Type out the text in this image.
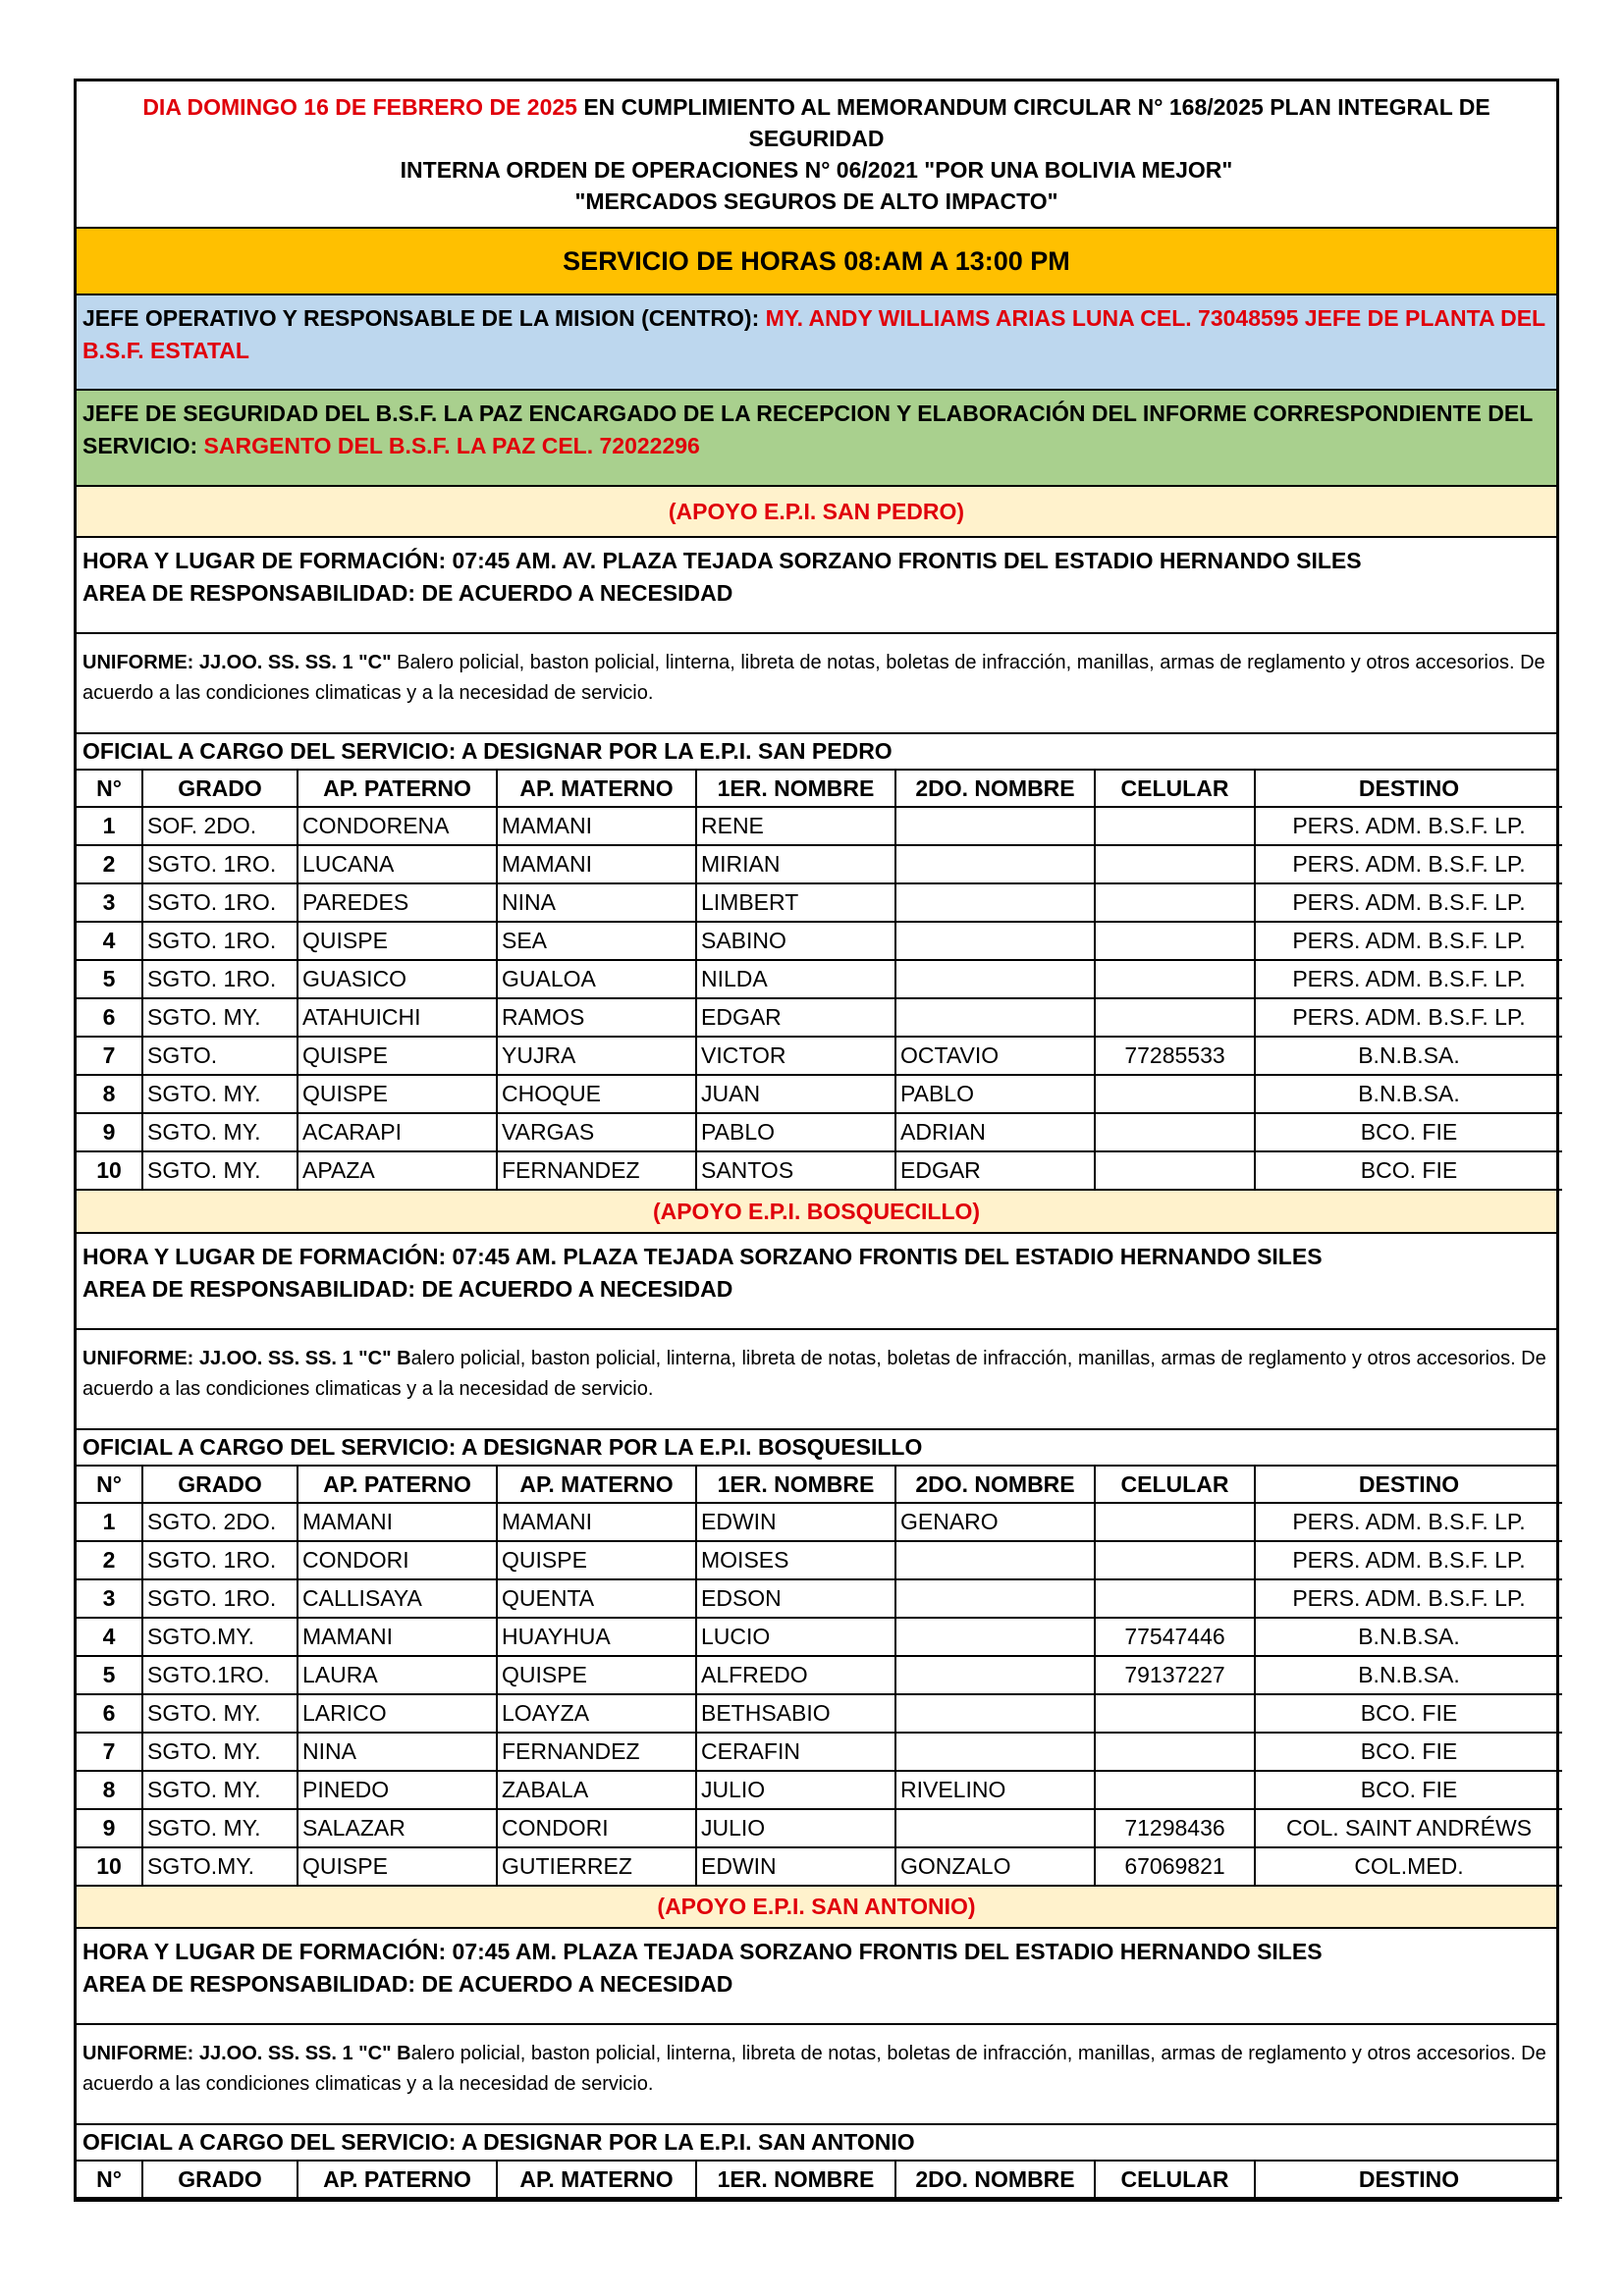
DIA DOMINGO 16 DE FEBRERO DE 2025 EN CUMPLIMIENTO AL MEMORANDUM CIRCULAR N° 168/2025 PLAN INTEGRAL DE SEGURIDAD
INTERNA ORDEN DE OPERACIONES N° 06/2021 "POR UNA BOLIVIA MEJOR"
"MERCADOS SEGUROS DE ALTO IMPACTO"
SERVICIO DE HORAS 08:AM A 13:00 PM
JEFE OPERATIVO Y RESPONSABLE DE LA MISION (CENTRO): MY. ANDY WILLIAMS ARIAS LUNA CEL. 73048595 JEFE DE PLANTA DEL B.S.F. ESTATAL
JEFE DE SEGURIDAD DEL B.S.F. LA PAZ ENCARGADO DE LA RECEPCION Y ELABORACIÓN DEL INFORME CORRESPONDIENTE DEL SERVICIO: SARGENTO DEL B.S.F. LA PAZ CEL. 72022296
(APOYO E.P.I. SAN PEDRO)
HORA Y LUGAR DE FORMACIÓN: 07:45 AM. AV. PLAZA TEJADA SORZANO FRONTIS DEL ESTADIO HERNANDO SILES
AREA DE RESPONSABILIDAD: DE ACUERDO A NECESIDAD
UNIFORME: JJ.OO. SS. SS. 1 "C" Balero policial, baston policial, linterna, libreta de notas, boletas de infracción, manillas, armas de reglamento y otros accesorios. De acuerdo a las condiciones climaticas y a la necesidad de servicio.
OFICIAL A CARGO DEL SERVICIO: A DESIGNAR POR LA E.P.I. SAN PEDRO
N°	GRADO	AP. PATERNO	AP. MATERNO	1ER. NOMBRE	2DO. NOMBRE	CELULAR	DESTINO
1	SOF. 2DO.	CONDORENA	MAMANI	RENE			PERS. ADM. B.S.F. LP.
2	SGTO. 1RO.	LUCANA	MAMANI	MIRIAN			PERS. ADM. B.S.F. LP.
3	SGTO. 1RO.	PAREDES	NINA	LIMBERT			PERS. ADM. B.S.F. LP.
4	SGTO. 1RO.	QUISPE	SEA	SABINO			PERS. ADM. B.S.F. LP.
5	SGTO. 1RO.	GUASICO	GUALOA	NILDA			PERS. ADM. B.S.F. LP.
6	SGTO. MY.	ATAHUICHI	RAMOS	EDGAR			PERS. ADM. B.S.F. LP.
7	SGTO.	QUISPE	YUJRA	VICTOR	OCTAVIO	77285533	B.N.B.SA.
8	SGTO. MY.	QUISPE	CHOQUE	JUAN	PABLO		B.N.B.SA.
9	SGTO. MY.	ACARAPI	VARGAS	PABLO	ADRIAN		BCO. FIE
10	SGTO. MY.	APAZA	FERNANDEZ	SANTOS	EDGAR		BCO. FIE
(APOYO E.P.I. BOSQUECILLO)
HORA Y LUGAR DE FORMACIÓN: 07:45 AM. PLAZA TEJADA SORZANO FRONTIS DEL ESTADIO HERNANDO SILES
AREA DE RESPONSABILIDAD: DE ACUERDO A NECESIDAD
UNIFORME: JJ.OO. SS. SS. 1 "C" Balero policial, baston policial, linterna, libreta de notas, boletas de infracción, manillas, armas de reglamento y otros accesorios. De acuerdo a las condiciones climaticas y a la necesidad de servicio.
OFICIAL A CARGO DEL SERVICIO: A DESIGNAR POR LA E.P.I. BOSQUESILLO
N°	GRADO	AP. PATERNO	AP. MATERNO	1ER. NOMBRE	2DO. NOMBRE	CELULAR	DESTINO
1	SGTO. 2DO.	MAMANI	MAMANI	EDWIN	GENARO		PERS. ADM. B.S.F. LP.
2	SGTO. 1RO.	CONDORI	QUISPE	MOISES			PERS. ADM. B.S.F. LP.
3	SGTO. 1RO.	CALLISAYA	QUENTA	EDSON			PERS. ADM. B.S.F. LP.
4	SGTO.MY.	MAMANI	HUAYHUA	LUCIO		77547446	B.N.B.SA.
5	SGTO.1RO.	LAURA	QUISPE	ALFREDO		79137227	B.N.B.SA.
6	SGTO. MY.	LARICO	LOAYZA	BETHSABIO			BCO. FIE
7	SGTO. MY.	NINA	FERNANDEZ	CERAFIN			BCO. FIE
8	SGTO. MY.	PINEDO	ZABALA	JULIO	RIVELINO		BCO. FIE
9	SGTO. MY.	SALAZAR	CONDORI	JULIO		71298436	COL. SAINT ANDRÉWS
10	SGTO.MY.	QUISPE	GUTIERREZ	EDWIN	GONZALO	67069821	COL.MED.
(APOYO E.P.I. SAN ANTONIO)
HORA Y LUGAR DE FORMACIÓN: 07:45 AM. PLAZA TEJADA SORZANO FRONTIS DEL ESTADIO HERNANDO SILES
AREA DE RESPONSABILIDAD: DE ACUERDO A NECESIDAD
UNIFORME: JJ.OO. SS. SS. 1 "C" Balero policial, baston policial, linterna, libreta de notas, boletas de infracción, manillas, armas de reglamento y otros accesorios. De acuerdo a las condiciones climaticas y a la necesidad de servicio.
OFICIAL A CARGO DEL SERVICIO: A DESIGNAR POR LA E.P.I. SAN ANTONIO
N°	GRADO	AP. PATERNO	AP. MATERNO	1ER. NOMBRE	2DO. NOMBRE	CELULAR	DESTINO
